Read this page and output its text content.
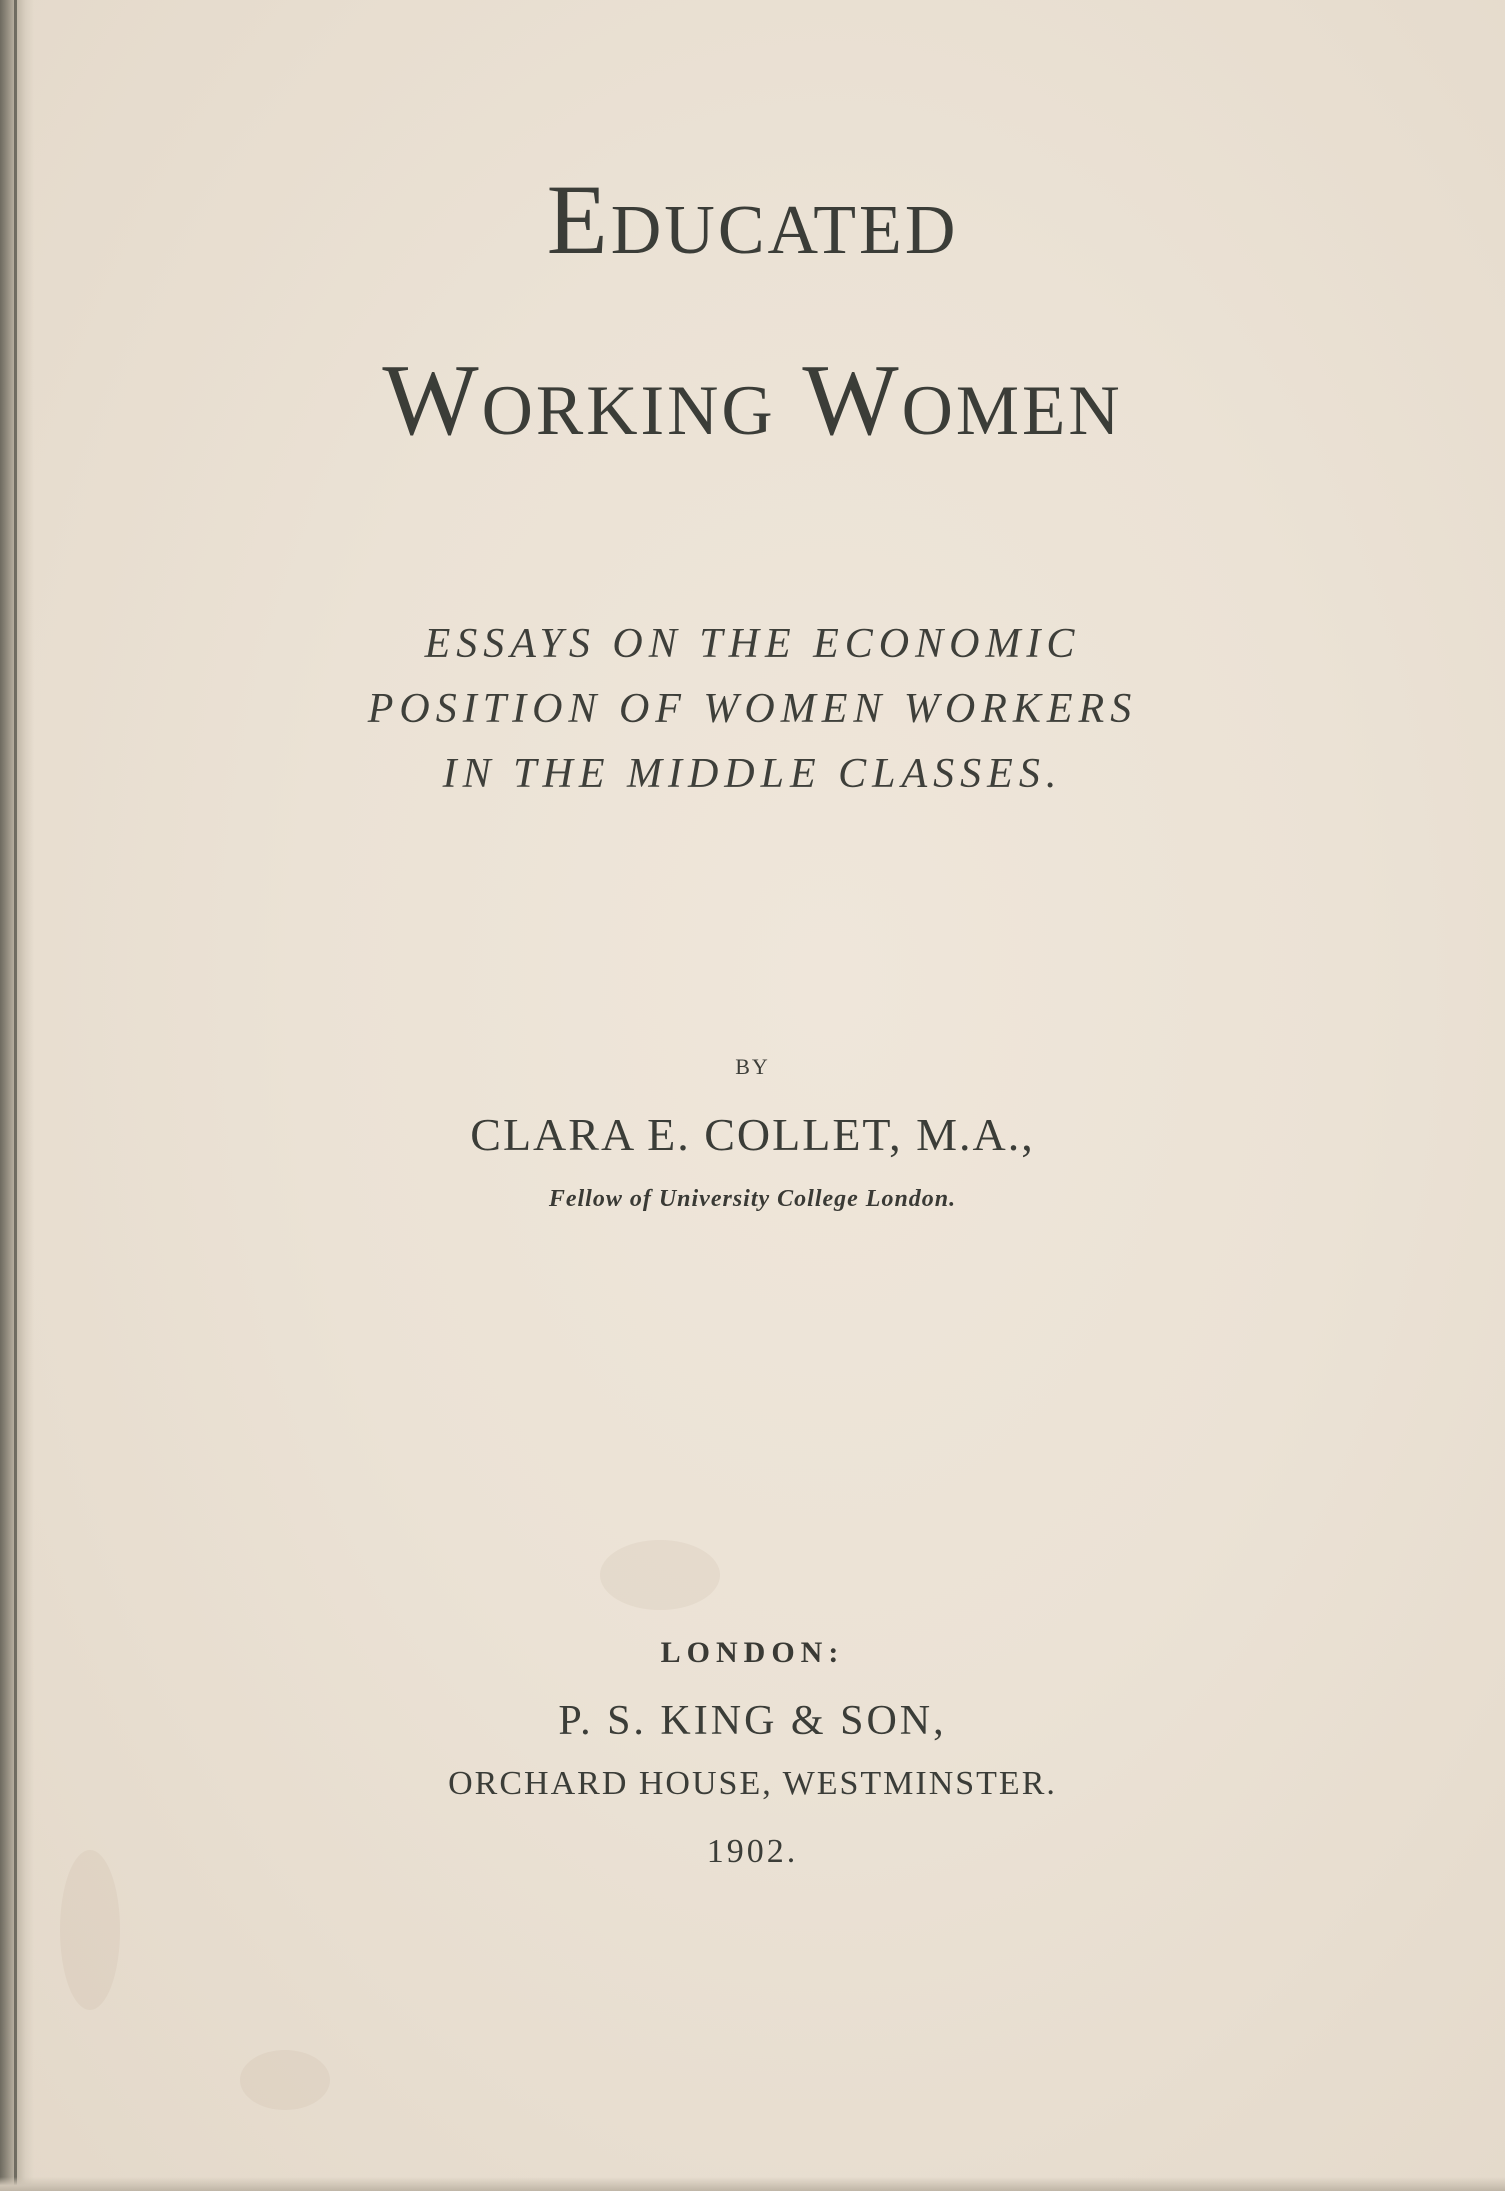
Educated
Working Women
ESSAYS ON THE ECONOMIC
POSITION OF WOMEN WORKERS
IN THE MIDDLE CLASSES.
BY
CLARA E. COLLET, M.A.,
Fellow of University College London.
LONDON:
P. S. KING & SON,
ORCHARD HOUSE, WESTMINSTER.
1902.
